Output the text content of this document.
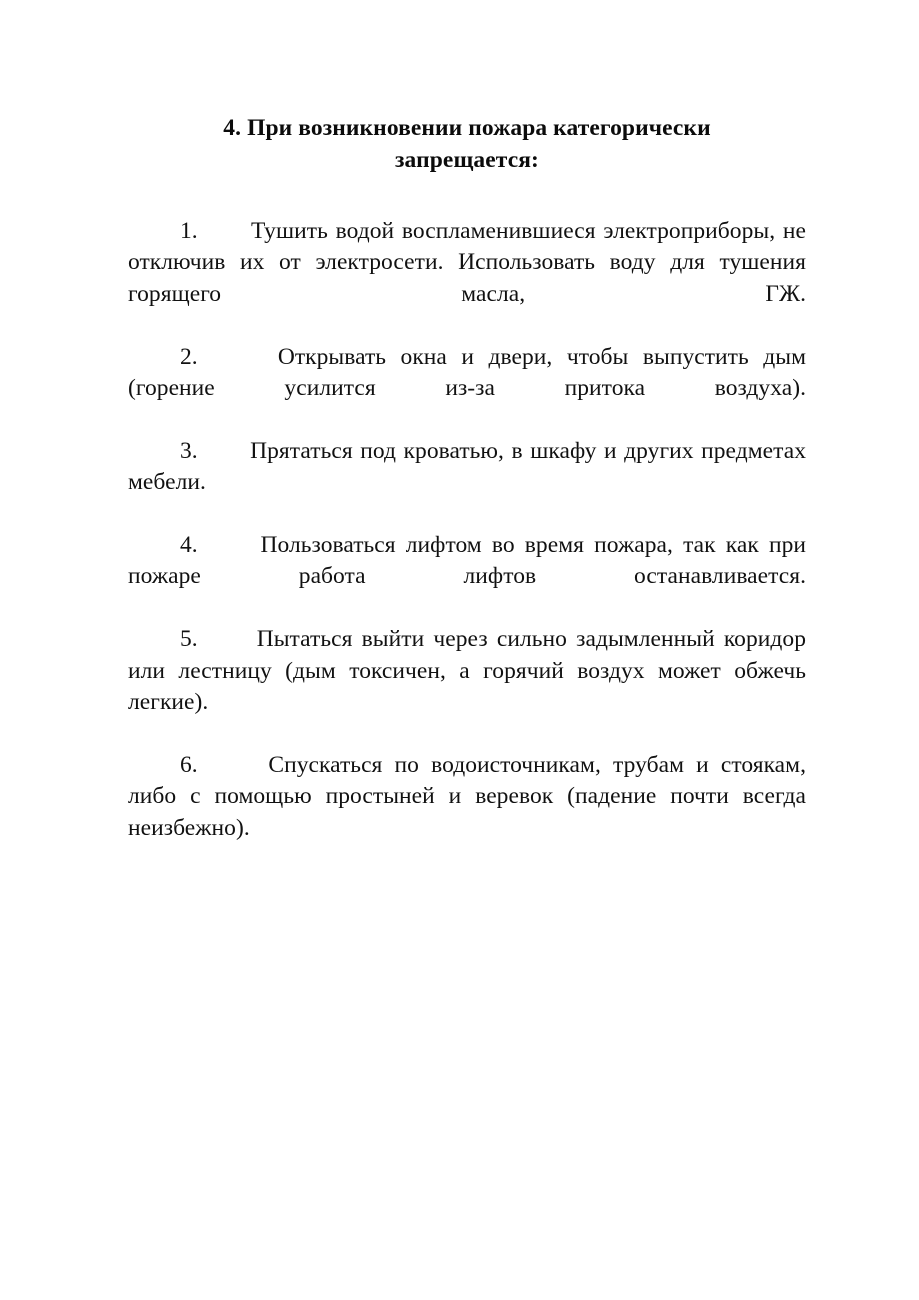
4. При возникновении пожара категорически
запрещается:

1.	Тушить водой воспламенившиеся электроприборы, не отключив их от электросети. Использовать воду для тушения горящего масла, ГЖ.

2.		Открывать окна и двери, чтобы выпустить дым (горение усилится из-за притока воздуха).

3.	Прятаться под кроватью, в шкафу и других предметах мебели.

4.		Пользоваться лифтом во время пожара, так как при пожаре работа лифтов останавливается.

5.		Пытаться выйти через сильно задымленный коридор или лестницу (дым токсичен, а горячий воздух может обжечь легкие).

6.		Спускаться по водоисточникам, трубам и стоякам, либо с помощью простыней и веревок (падение почти всегда неизбежно).
